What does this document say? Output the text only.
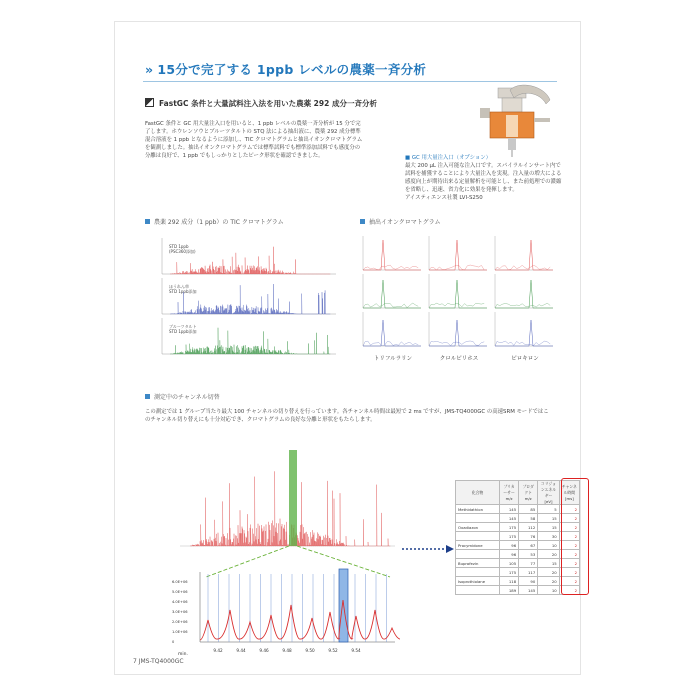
» 15分で完了する 1ppb レベルの農薬一斉分析
FastGC 条件と大量試料注入法を用いた農薬 292 成分一斉分析
FastGC 条件と GC 用大量注入口を用いると、1 ppb レベルの農薬一斉分析が 15 分で完了します。ホウレンソウとブルーツタルトの STQ 法による抽出液に、農薬 292 成分標準混合溶液を 1 ppb となるように添加し、TIC クロマトグラムと抽出イオンクロマトグラムを観測しました。抽出イオンクロマトグラムでは標準試料でも標準添加試料でも感度分の分離は良好で、1 ppb でもしっかりとしたピーク形状を確認できました。	■ GC 用大量注入口（オプション）
最大 200 μL 注入可能な注入口です。スパイラルインサート内で試料を捕獲することにより大量注入を実現。注入量の増大による感度向上が期待出来る定量解析を可能とし、また前処理での濃縮を省略し、迅速、省力化に効果を発揮します。
アイスティエンス社製 LVI-S250
農薬 292 成分（1 ppb）の TIC クロマトグラム
STD 1ppb
(PSC360添加)
ほうれん草
STD 1ppb添加
ブルーツタルト
STD 1ppb添加
抽出イオンクロマトグラム
トリフルラリン	クロルピリホス	ピロキロン
測定中のチャンネル切替
この測定では 1 グループ当たり最大 100 チャンネルの切り替えを行っています。各チャンネル時間は最短で 2 ms ですが、JMS-TQ4000GC の高速SRM モードではこのチャンネル切り替えにも十分対応でき、クロマトグラムの良好な分離と形状をもたらします。
6.0E+06
5.0E+06
4.0E+06
3.0E+06
2.0E+06
1.0E+06
0
9.42	9.44	9.46	9.48	9.50	9.52	9.54
min.
化合物	プリカーサー m/z	プロダクト m/z	コリジョンエネルギー [eV]	チャンネル時間 [ms]
Methidathion	145	85	5	2
	145	58	15	2
Oxadiazon	175	112	15	2
	175	76	30	2
Procymidone	96	67	10	2
	96	53	20	2
Buprofezin	105	77	15	2
	175	117	20	2
Isoprothiolane	118	90	20	2
	189	145	10	2
7 JMS-TQ4000GC
